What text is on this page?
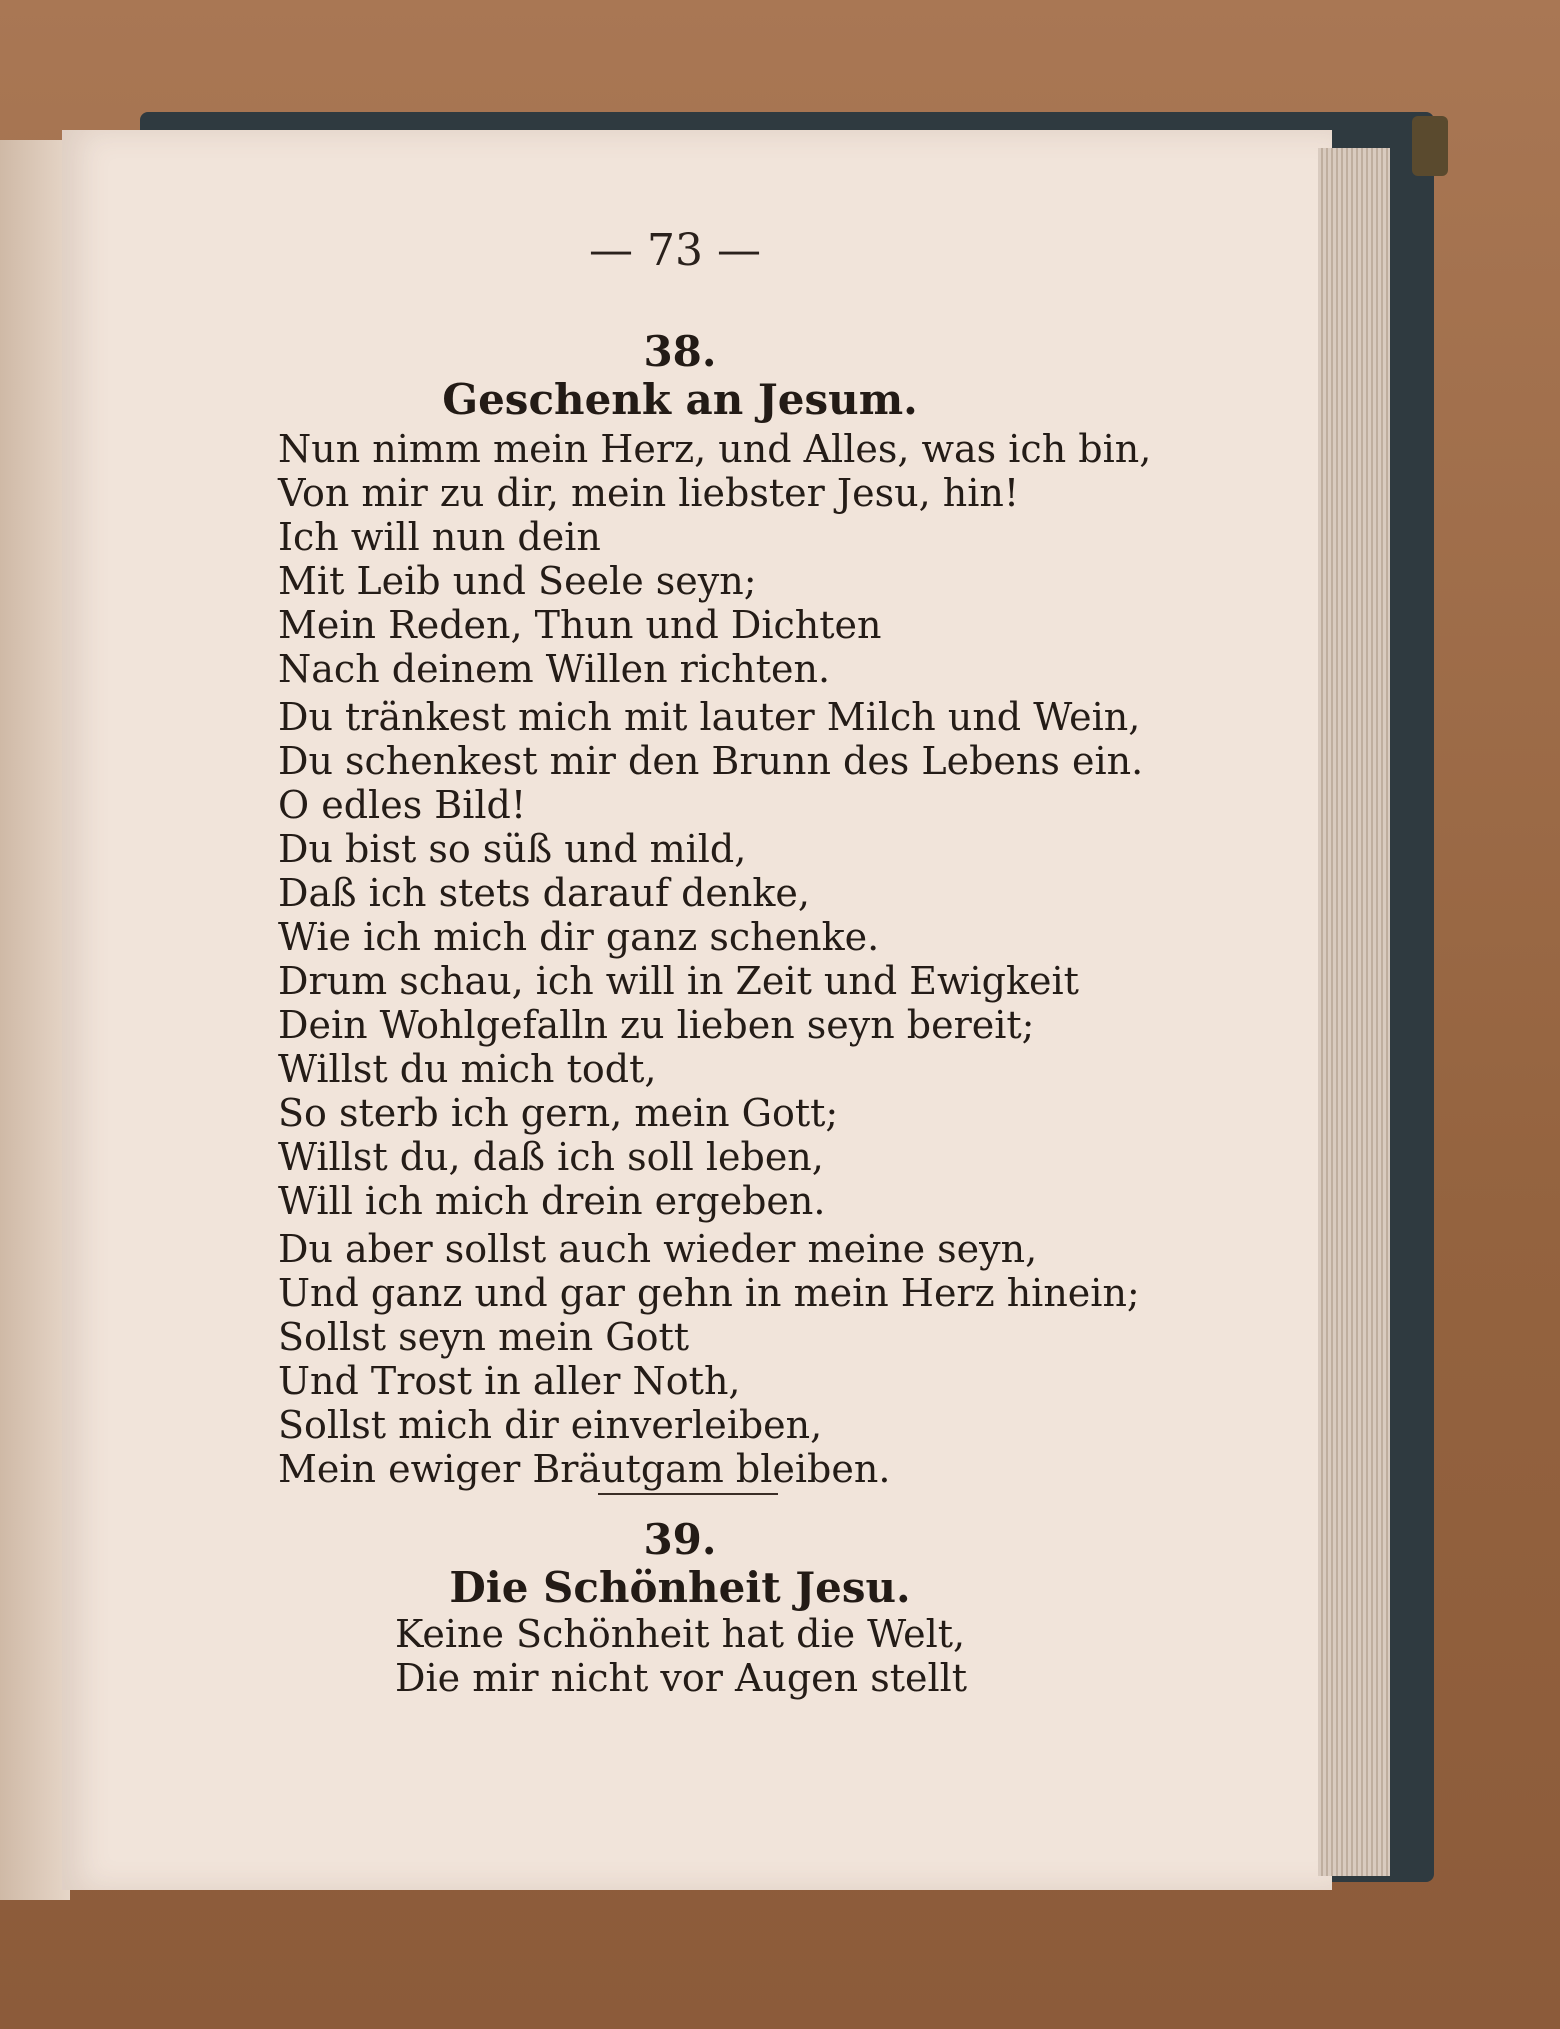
— 73 —
38.
Geschenk an Jesum.
Nun nimm mein Herz, und Alles, was ich bin,
Von mir zu dir, mein liebster Jesu, hin!
Ich will nun dein
Mit Leib und Seele seyn;
Mein Reden, Thun und Dichten
Nach deinem Willen richten.
Du tränkest mich mit lauter Milch und Wein,
Du schenkest mir den Brunn des Lebens ein.
O edles Bild!
Du bist so süß und mild,
Daß ich stets darauf denke,
Wie ich mich dir ganz schenke.
Drum schau, ich will in Zeit und Ewigkeit
Dein Wohlgefalln zu lieben seyn bereit;
Willst du mich todt,
So sterb ich gern, mein Gott;
Willst du, daß ich soll leben,
Will ich mich drein ergeben.
Du aber sollst auch wieder meine seyn,
Und ganz und gar gehn in mein Herz hinein;
Sollst seyn mein Gott
Und Trost in aller Noth,
Sollst mich dir einverleiben,
Mein ewiger Bräutgam bleiben.
39.
Die Schönheit Jesu.
Keine Schönheit hat die Welt,
Die mir nicht vor Augen stellt
